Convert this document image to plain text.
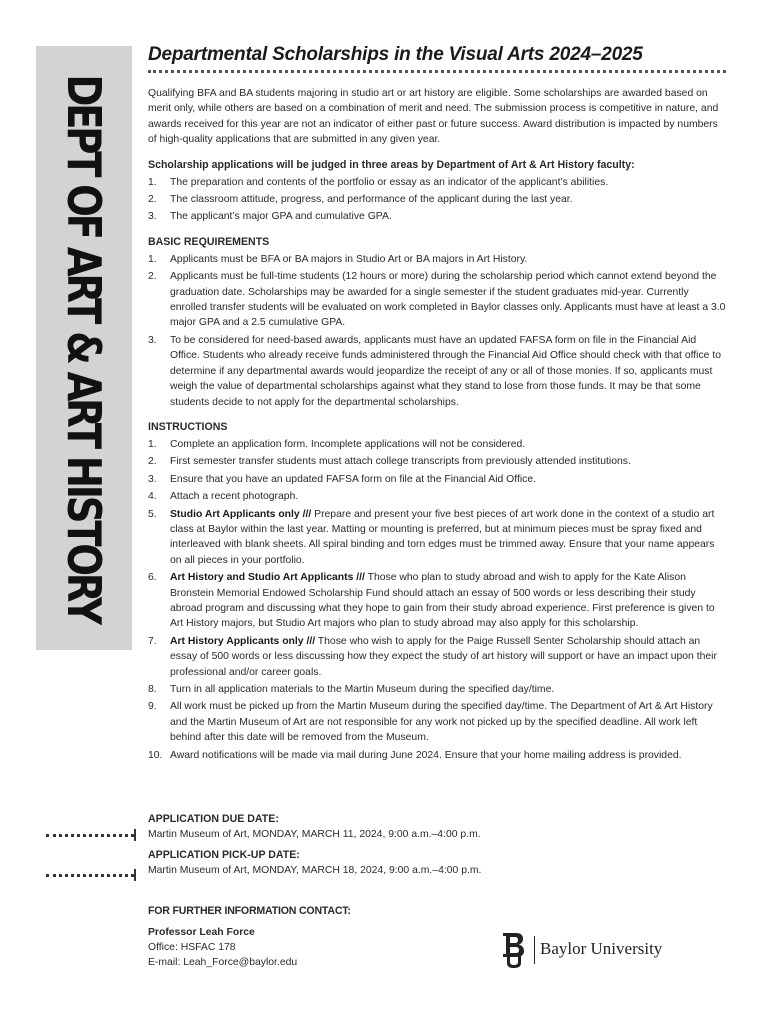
DEPT OF ART & ART HISTORY
Departmental Scholarships in the Visual Arts 2024–2025

Qualifying BFA and BA students majoring in studio art or art history are eligible. Some scholarships are awarded based on merit only, while others are based on a combination of merit and need. The submission process is competitive in nature, and awards received for this year are not an indicator of either past or future success. Award distribution is impacted by numbers of high-quality applications that are submitted in any given year.

Scholarship applications will be judged in three areas by Department of Art & Art History faculty:
1. The preparation and contents of the portfolio or essay as an indicator of the applicant’s abilities.
2. The classroom attitude, progress, and performance of the applicant during the last year.
3. The applicant’s major GPA and cumulative GPA.
BASIC REQUIREMENTS
1. Applicants must be BFA or BA majors in Studio Art or BA majors in Art History.
2. Applicants must be full-time students (12 hours or more) during the scholarship period which cannot extend beyond the graduation date. Scholarships may be awarded for a single semester if the student graduates mid-year. Currently enrolled transfer students will be evaluated on work completed in Baylor classes only. Applicants must have at least a 3.0 major GPA and a 2.5 cumulative GPA.
3. To be considered for need-based awards, applicants must have an updated FAFSA form on file in the Financial Aid Office. Students who already receive funds administered through the Financial Aid Office should check with that office to determine if any departmental awards would jeopardize the receipt of any or all of those monies. If so, applicants must weigh the value of departmental scholarships against what they stand to lose from those funds. It may be that some students decide to not apply for the departmental scholarships.
INSTRUCTIONS
1. Complete an application form. Incomplete applications will not be considered.
2. First semester transfer students must attach college transcripts from previously attended institutions.
3. Ensure that you have an updated FAFSA form on file at the Financial Aid Office.
4. Attach a recent photograph.
5. Studio Art Applicants only /// Prepare and present your five best pieces of art work done in the context of a studio art class at Baylor within the last year. Matting or mounting is preferred, but at minimum pieces must be spray fixed and interleaved with blank sheets. All spiral binding and torn edges must be trimmed away. Ensure that your name appears on all pieces in your portfolio.
6. Art History and Studio Art Applicants /// Those who plan to study abroad and wish to apply for the Kate Alison Bronstein Memorial Endowed Scholarship Fund should attach an essay of 500 words or less describing their study abroad program and discussing what they hope to gain from their study abroad experience. First preference is given to Art History majors, but Studio Art majors who plan to study abroad may also apply for this scholarship.
7. Art History Applicants only /// Those who wish to apply for the Paige Russell Senter Scholarship should attach an essay of 500 words or less discussing how they expect the study of art history will support or have an impact upon their professional and/or career goals.
8. Turn in all application materials to the Martin Museum during the specified day/time.
9. All work must be picked up from the Martin Museum during the specified day/time. The Department of Art & Art History and the Martin Museum of Art are not responsible for any work not picked up by the specified deadline. All work left behind after this date will be removed from the Museum.
10. Award notifications will be made via mail during June 2024. Ensure that your home mailing address is provided.
APPLICATION DUE DATE:
Martin Museum of Art, MONDAY, MARCH 11, 2024, 9:00 a.m.–4:00 p.m.
APPLICATION PICK-UP DATE:
Martin Museum of Art, MONDAY, MARCH 18, 2024, 9:00 a.m.–4:00 p.m.
FOR FURTHER INFORMATION CONTACT:
Professor Leah Force
Office: HSFAC 178
E-mail: Leah_Force@baylor.edu
Baylor University
